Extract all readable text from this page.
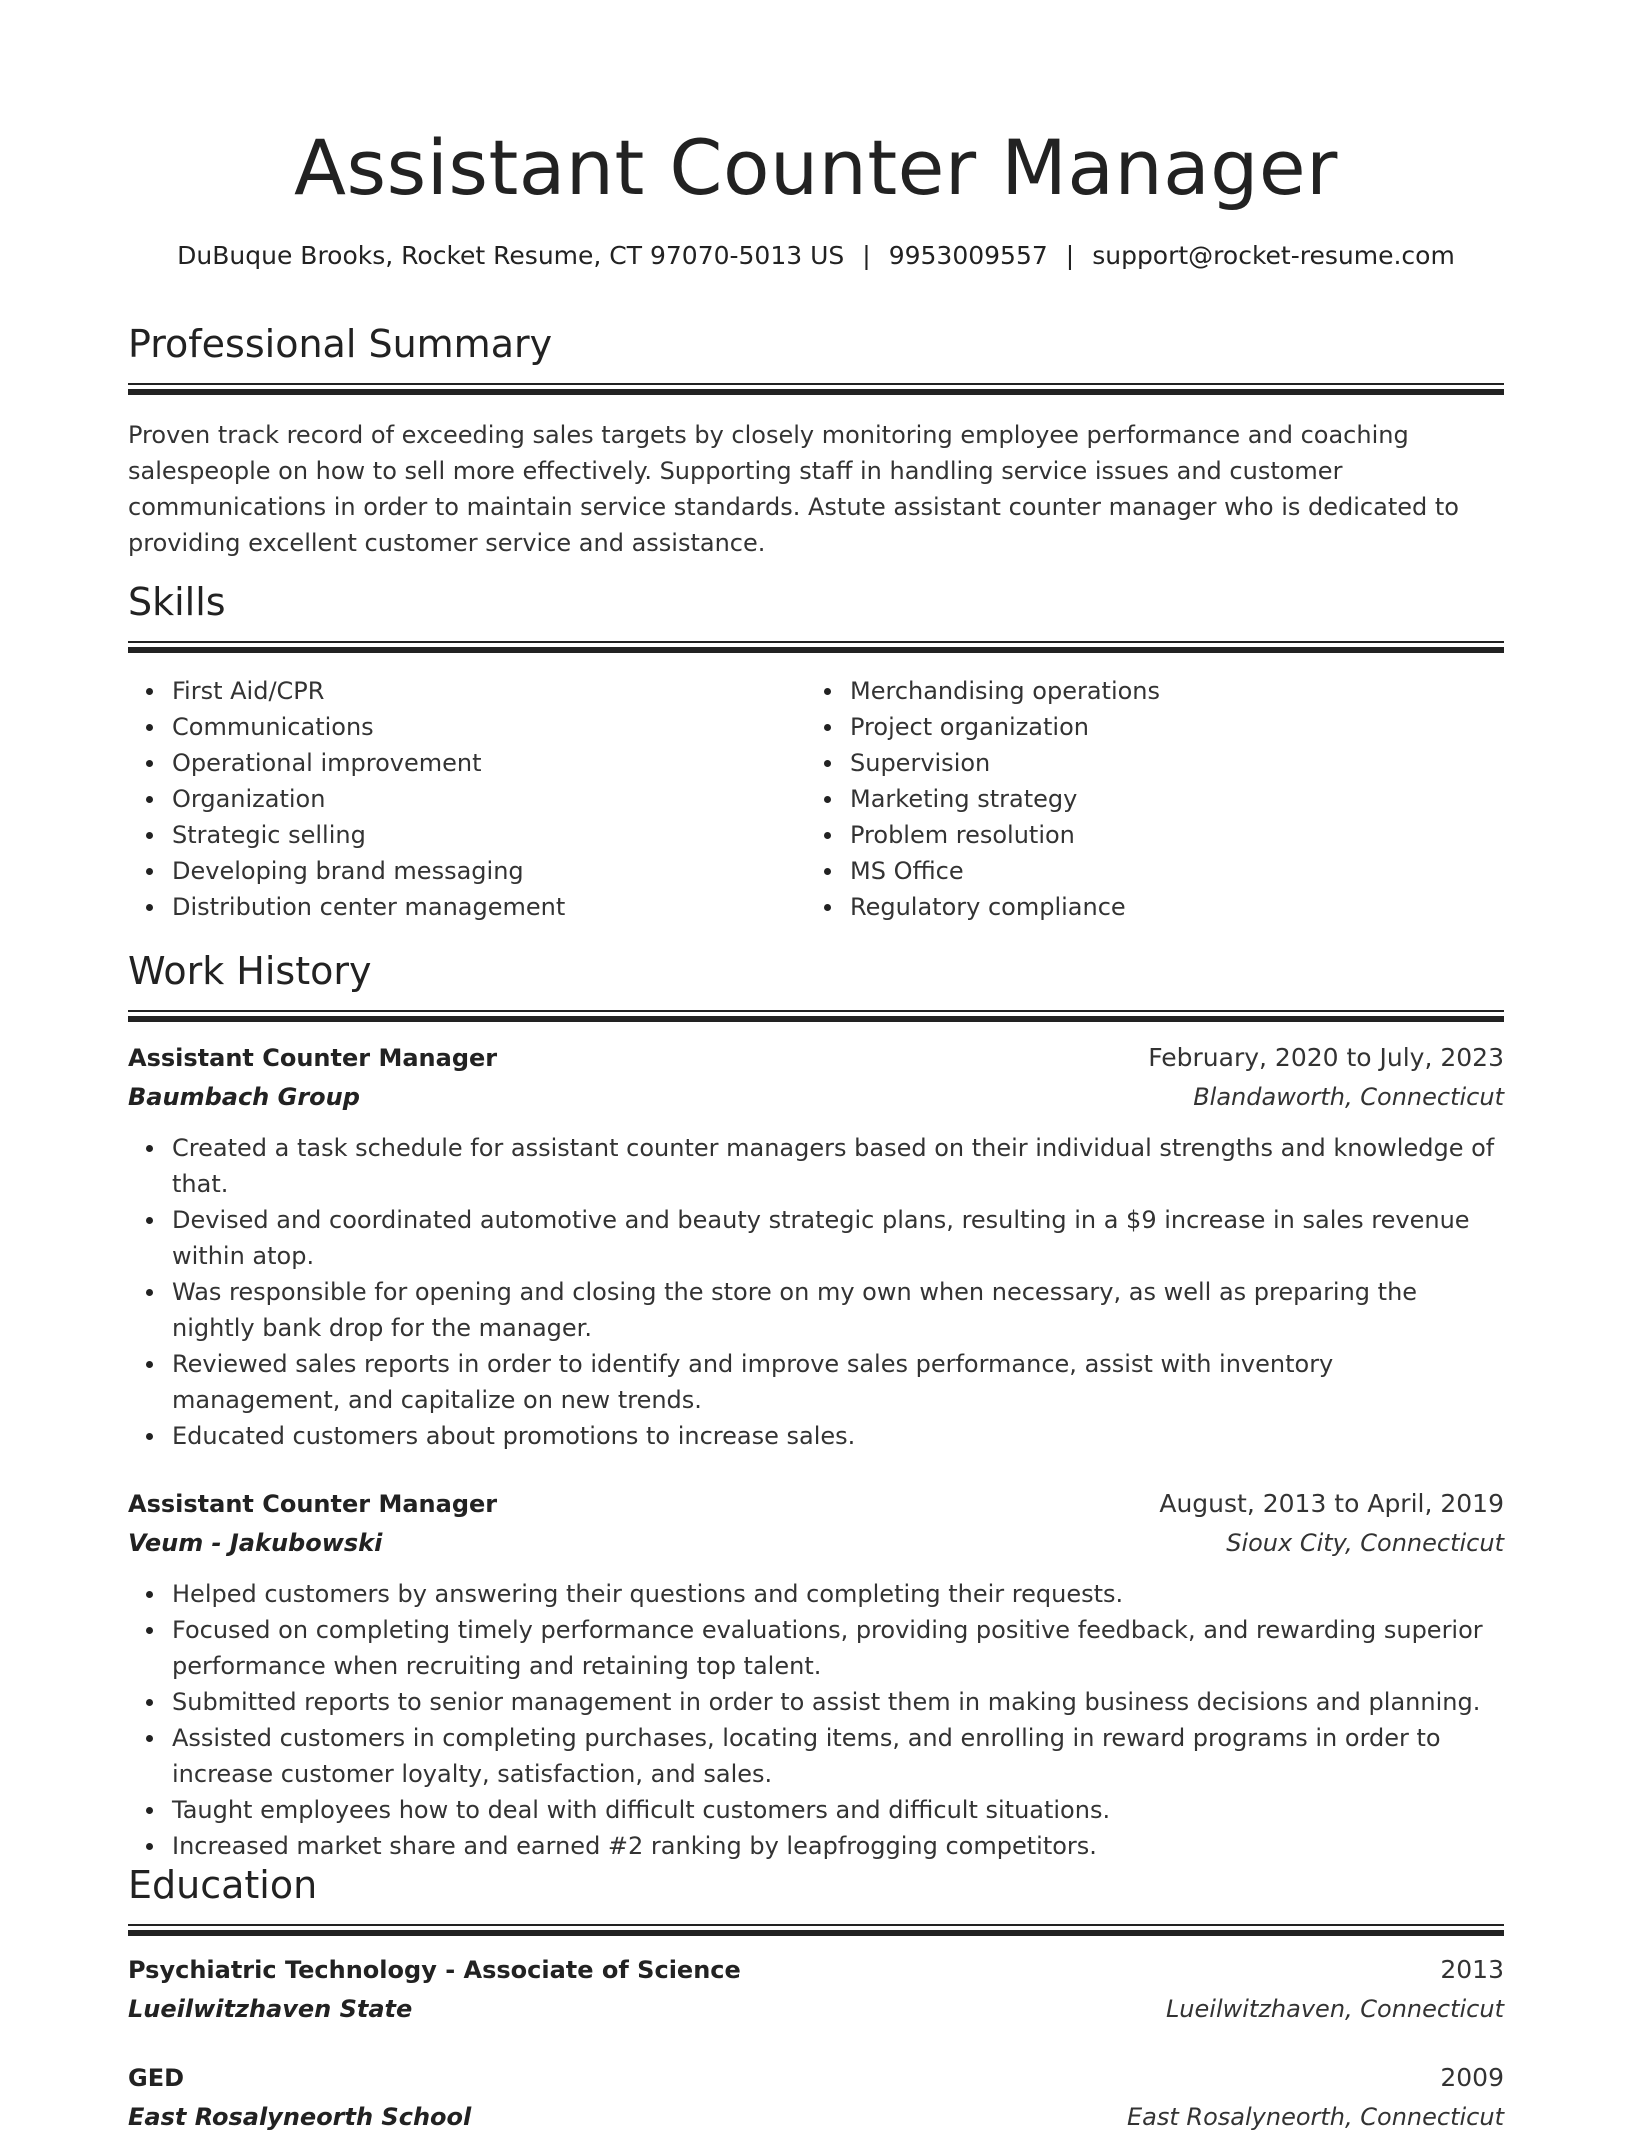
Assistant Counter Manager
DuBuque Brooks, Rocket Resume, CT 97070-5013 US | 9953009557 | support@rocket-resume.com
Professional Summary
Proven track record of exceeding sales targets by closely monitoring employee performance and coaching salespeople on how to sell more effectively. Supporting staff in handling service issues and customer communications in order to maintain service standards. Astute assistant counter manager who is dedicated to providing excellent customer service and assistance.
Skills
First Aid/CPR
Communications
Operational improvement
Organization
Strategic selling
Developing brand messaging
Distribution center management
Merchandising operations
Project organization
Supervision
Marketing strategy
Problem resolution
MS Office
Regulatory compliance
Work History
Assistant Counter Manager	February, 2020 to July, 2023
Baumbach Group	Blandaworth, Connecticut
Created a task schedule for assistant counter managers based on their individual strengths and knowledge of that.
Devised and coordinated automotive and beauty strategic plans, resulting in a $9 increase in sales revenue within atop.
Was responsible for opening and closing the store on my own when necessary, as well as preparing the nightly bank drop for the manager.
Reviewed sales reports in order to identify and improve sales performance, assist with inventory management, and capitalize on new trends.
Educated customers about promotions to increase sales.
Assistant Counter Manager	August, 2013 to April, 2019
Veum - Jakubowski	Sioux City, Connecticut
Helped customers by answering their questions and completing their requests.
Focused on completing timely performance evaluations, providing positive feedback, and rewarding superior performance when recruiting and retaining top talent.
Submitted reports to senior management in order to assist them in making business decisions and planning.
Assisted customers in completing purchases, locating items, and enrolling in reward programs in order to increase customer loyalty, satisfaction, and sales.
Taught employees how to deal with difficult customers and difficult situations.
Increased market share and earned #2 ranking by leapfrogging competitors.
Education
Psychiatric Technology - Associate of Science	2013
Lueilwitzhaven State	Lueilwitzhaven, Connecticut
GED	2009
East Rosalyneorth School	East Rosalyneorth, Connecticut
